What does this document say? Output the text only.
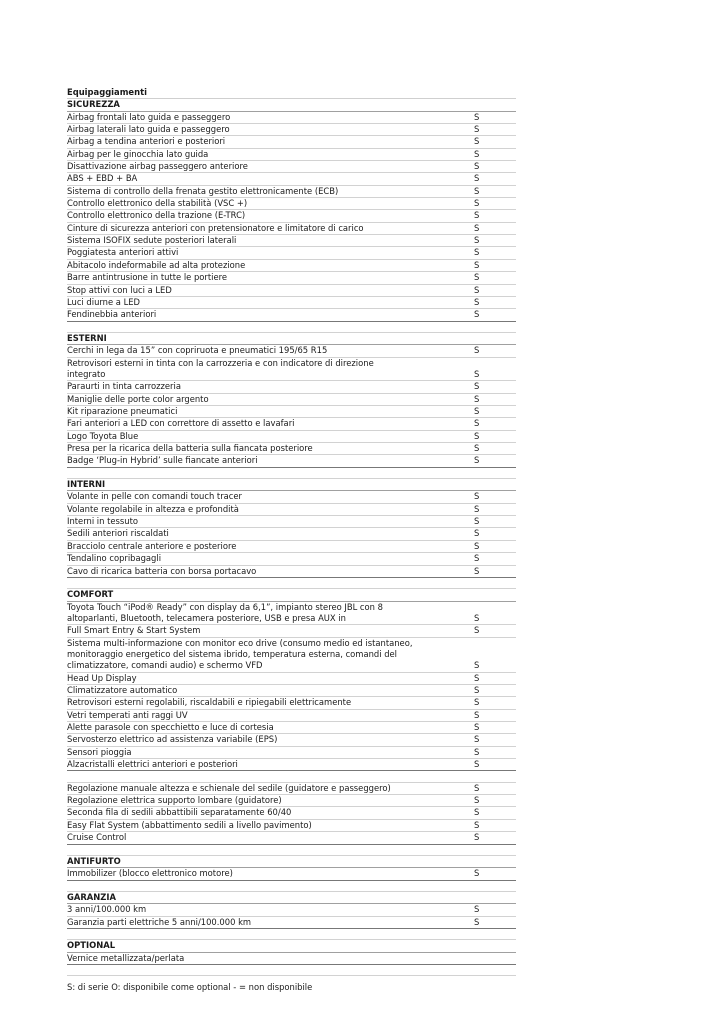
Equipaggiamenti
SICUREZZA
Airbag frontali lato guida e passeggero	S
Airbag laterali lato guida e passeggero	S
Airbag a tendina anteriori e posteriori	S
Airbag per le ginocchia lato guida	S
Disattivazione airbag passeggero anteriore	S
ABS + EBD + BA	S
Sistema di controllo della frenata gestito elettronicamente (ECB)	S
Controllo elettronico della stabilità (VSC +)	S
Controllo elettronico della trazione (E-TRC)	S
Cinture di sicurezza anteriori con pretensionatore e limitatore di carico	S
Sistema ISOFIX sedute posteriori laterali	S
Poggiatesta anteriori attivi	S
Abitacolo indeformabile ad alta protezione	S
Barre antintrusione in tutte le portiere	S
Stop attivi con luci a LED	S
Luci diurne a LED	S
Fendinebbia anteriori	S
ESTERNI
Cerchi in lega da 15” con copriruota e pneumatici 195/65 R15	S
Retrovisori esterni in tinta con la carrozzeria e con indicatore di direzione integrato	S
Paraurti in tinta carrozzeria	S
Maniglie delle porte color argento	S
Kit riparazione pneumatici	S
Fari anteriori a LED con correttore di assetto e lavafari	S
Logo Toyota Blue	S
Presa per la ricarica della batteria sulla fiancata posteriore	S
Badge ‘Plug-in Hybrid’ sulle fiancate anteriori	S
INTERNI
Volante in pelle con comandi touch tracer	S
Volante regolabile in altezza e profondità	S
Interni in tessuto	S
Sedili anteriori riscaldati	S
Bracciolo centrale anteriore e posteriore	S
Tendalino copribagagli	S
Cavo di ricarica batteria con borsa portacavo	S
COMFORT
Toyota Touch “iPod® Ready” con display da 6,1”, impianto stereo JBL con 8 altoparlanti, Bluetooth, telecamera posteriore, USB e presa AUX in	S
Full Smart Entry & Start System	S
Sistema multi-informazione con monitor eco drive (consumo medio ed istantaneo, monitoraggio energetico del sistema ibrido, temperatura esterna, comandi del climatizzatore, comandi audio) e schermo VFD	S
Head Up Display	S
Climatizzatore automatico	S
Retrovisori esterni regolabili, riscaldabili e ripiegabili elettricamente	S
Vetri temperati anti raggi UV	S
Alette parasole con specchietto e luce di cortesia	S
Servosterzo elettrico ad assistenza variabile (EPS)	S
Sensori pioggia	S
Alzacristalli elettrici anteriori e posteriori	S
Regolazione manuale altezza e schienale del sedile (guidatore e passeggero)	S
Regolazione elettrica supporto lombare (guidatore)	S
Seconda fila di sedili abbattibili separatamente 60/40	S
Easy Flat System (abbattimento sedili a livello pavimento)	S
Cruise Control	S
ANTIFURTO
Immobilizer (blocco elettronico motore)	S
GARANZIA
3 anni/100.000 km	S
Garanzia parti elettriche 5 anni/100.000 km	S
OPTIONAL
Vernice metallizzata/perlata
S: di serie O: disponibile come optional - = non disponibile
